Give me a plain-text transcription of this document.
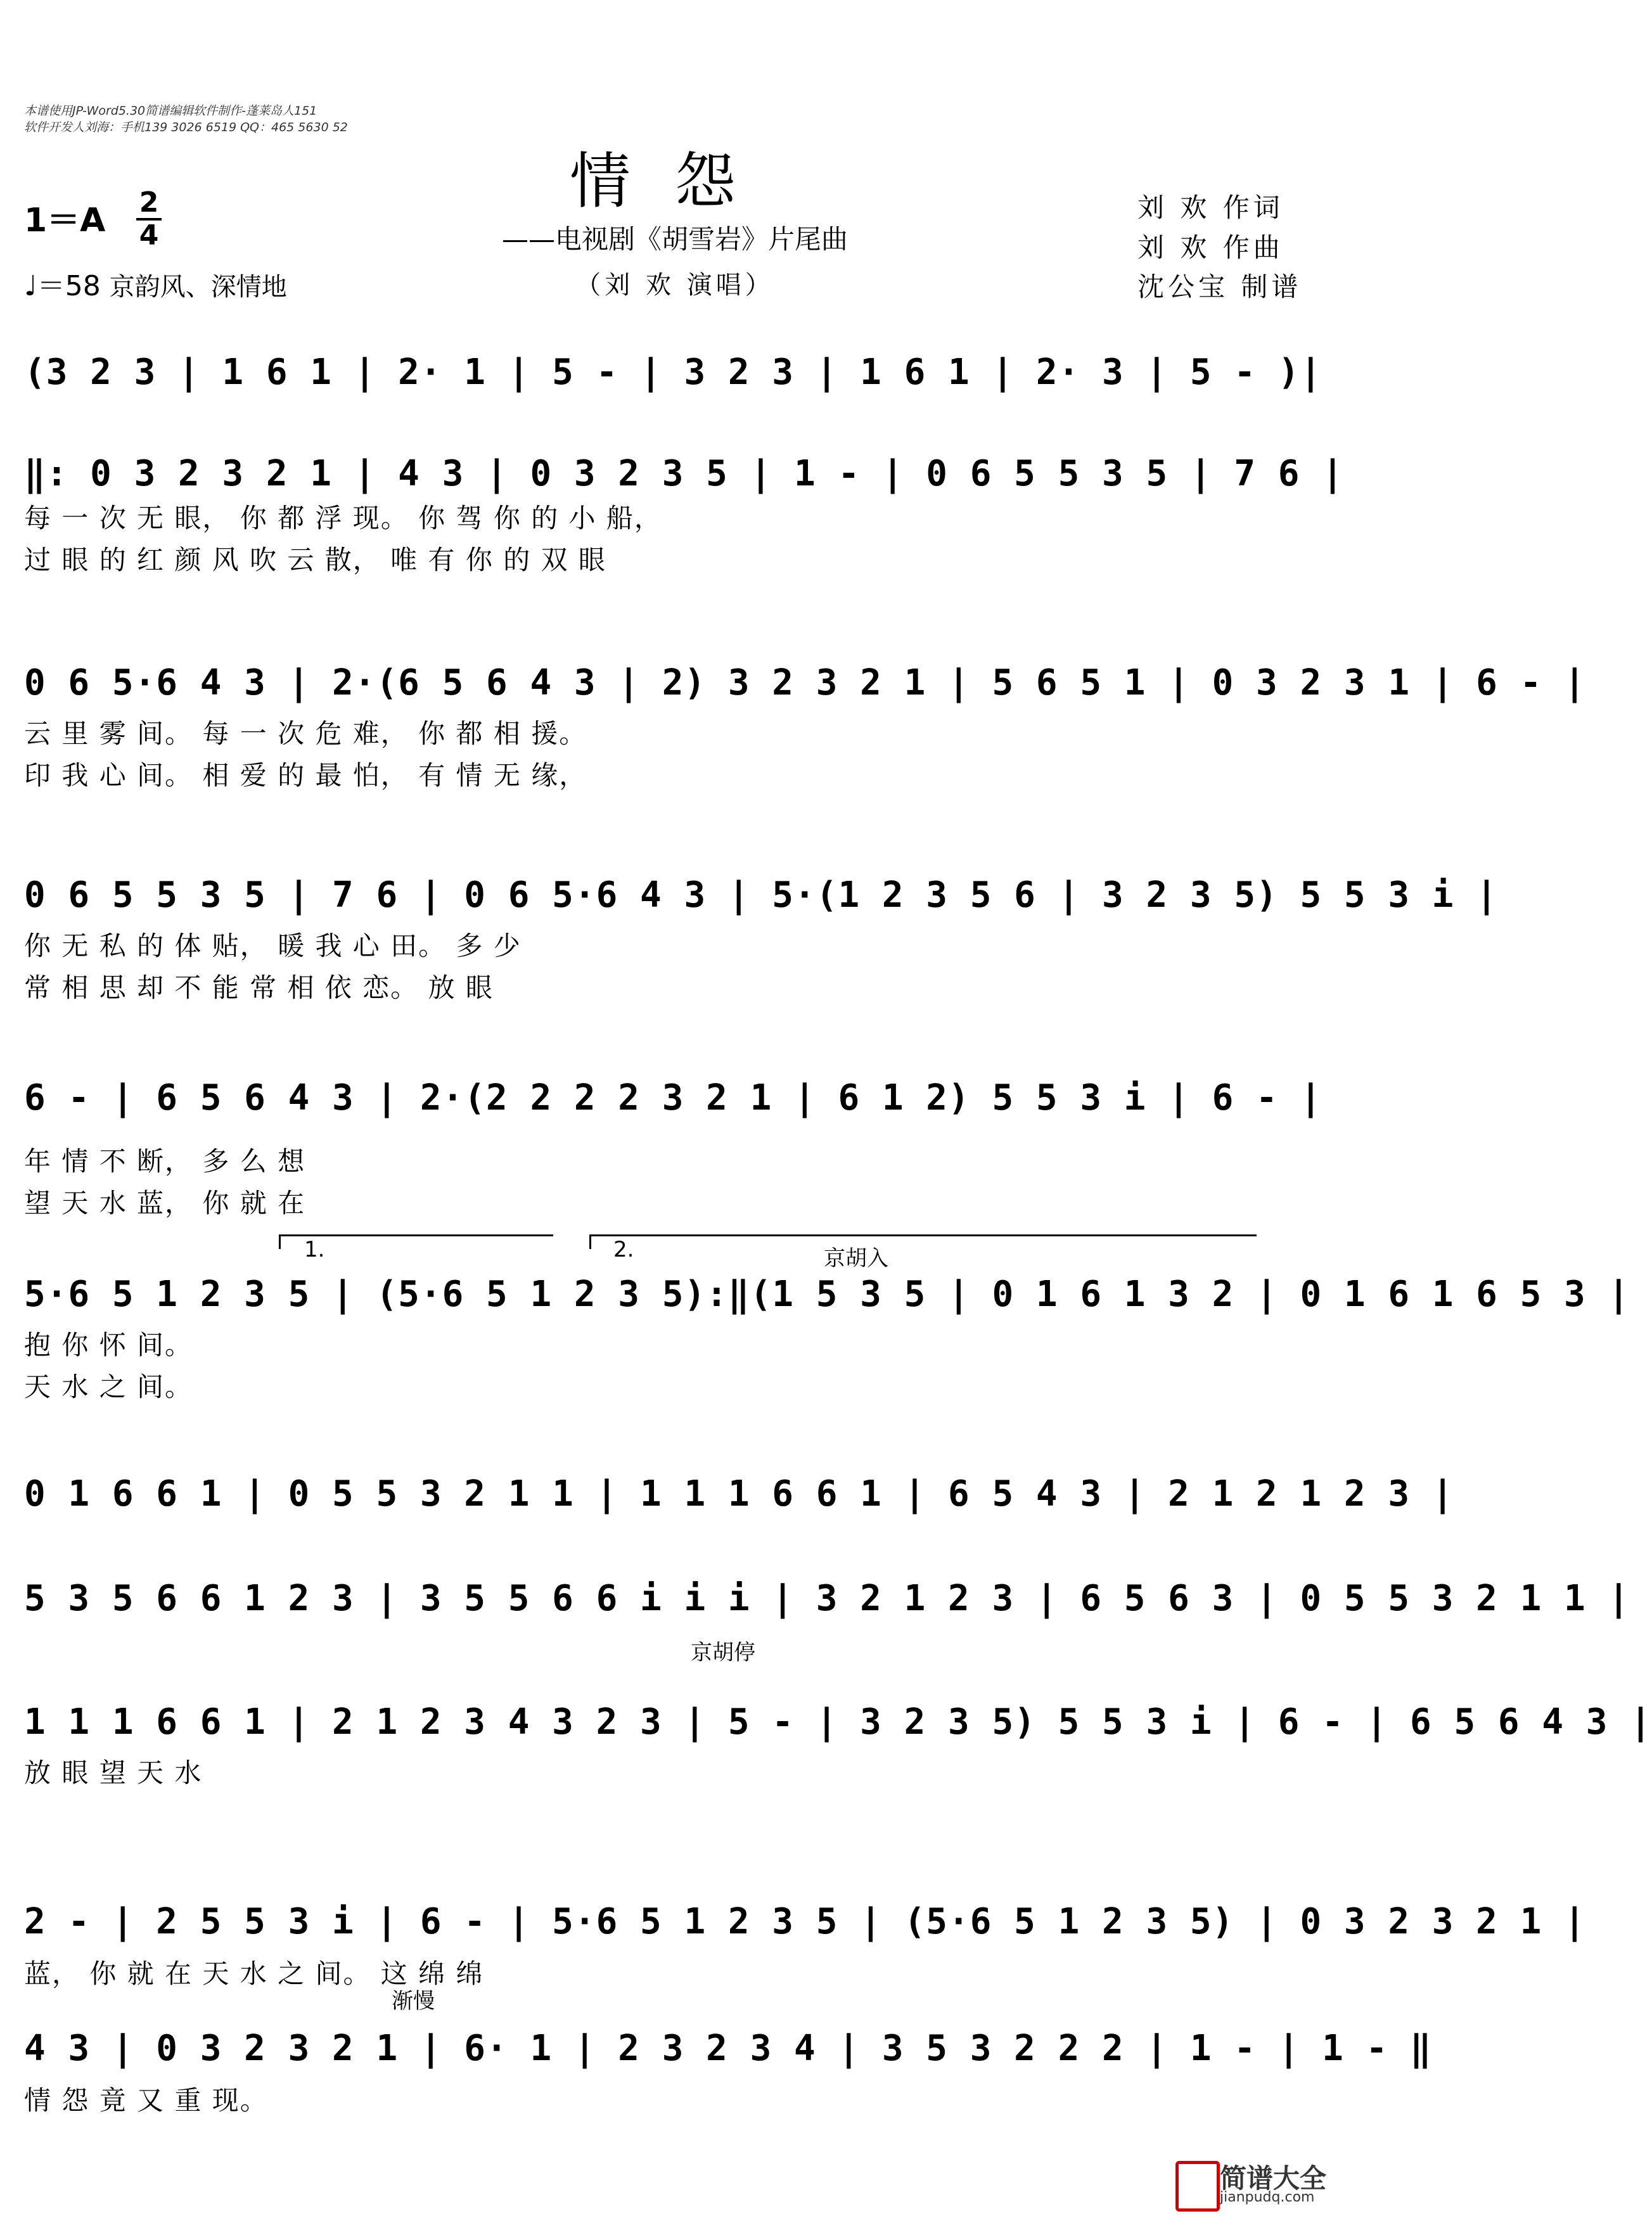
本谱使用JP-Word5.30简谱编辑软件制作-蓬莱岛人151
软件开发人刘海：手机139 3026 6519 QQ：465 5630 52
情怨
——电视剧《胡雪岩》片尾曲
（刘 欢 演唱）
1＝A 2
4
♩＝58 京韵风、深情地
刘 欢 作词
刘 欢 作曲
沈公宝 制谱
(3 2 3 | 1 6 1 | 2· 1 | 5 - | 3 2 3 | 1 6 1 | 2· 3 | 5 - )|
‖: 0 3 2 3 2 1 | 4 3 | 0 3 2 3 5 | 1 - | 0 6 5 5 3 5 | 7 6 |
每 一 次 无 眼， 你 都 浮 现。 你 驾 你 的 小 船，
过 眼 的 红 颜 风 吹 云 散， 唯 有 你 的 双 眼
0 6 5·6 4 3 | 2·(6 5 6 4 3 | 2) 3 2 3 2 1 | 5 6 5 1 | 0 3 2 3 1 | 6 - |
云 里 雾 间。 每 一 次 危 难， 你 都 相 援。
印 我 心 间。 相 爱 的 最 怕， 有 情 无 缘，
0 6 5 5 3 5 | 7 6 | 0 6 5·6 4 3 | 5·(1 2 3 5 6 | 3 2 3 5) 5 5 3 i |
你 无 私 的 体 贴， 暖 我 心 田。 多 少
常 相 思 却 不 能 常 相 依 恋。 放 眼
6 - | 6 5 6 4 3 | 2·(2 2 2 2 3 2 1 | 6 1 2) 5 5 3 i | 6 - |
年 情 不 断， 多 么 想
望 天 水 蓝， 你 就 在
5·6 5 1 2 3 5 | (5·6 5 1 2 3 5):‖(1 5 3 5 | 0 1 6 1 3 2 | 0 1 6 1 6 5 3 |
抱 你 怀 间。
天 水 之 间。
0 1 6 6 1 | 0 5 5 3 2 1 1 | 1 1 1 6 6 1 | 6 5 4 3 | 2 1 2 1 2 3 |
5 3 5 6 6 1 2 3 | 3 5 5 6 6 i i i | 3 2 1 2 3 | 6 5 6 3 | 0 5 5 3 2 1 1 |
1 1 1 6 6 1 | 2 1 2 3 4 3 2 3 | 5 - | 3 2 3 5) 5 5 3 i | 6 - | 6 5 6 4 3 |
放 眼 望 天 水
2 - | 2 5 5 3 i | 6 - | 5·6 5 1 2 3 5 | (5·6 5 1 2 3 5) | 0 3 2 3 2 1 |
蓝， 你 就 在 天 水 之 间。 这 绵 绵
4 3 | 0 3 2 3 2 1 | 6· 1 | 2 3 2 3 4 | 3 5 3 2 2 2 | 1 - | 1 - ‖
情 怨 竟 又 重 现。
京胡入
京胡停
渐慢
1.	2.
简谱大全
jianpudq.com
